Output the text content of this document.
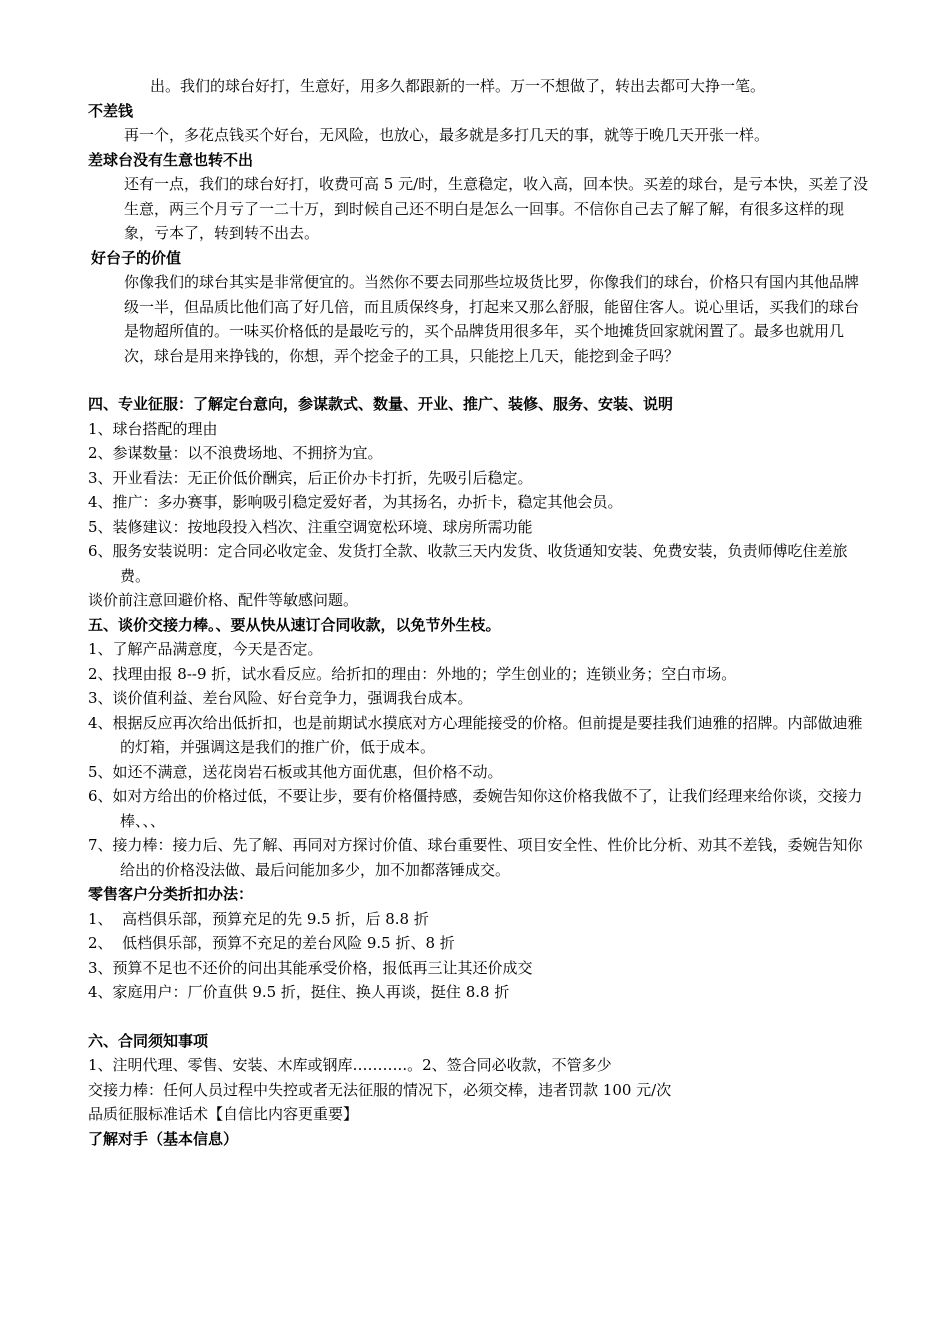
出。我们的球台好打，生意好，用多久都跟新的一样。万一不想做了，转出去都可大挣一笔。
不差钱
再一个，多花点钱买个好台，无风险，也放心，最多就是多打几天的事，就等于晚几天开张一样。
差球台没有生意也转不出
还有一点，我们的球台好打，收费可高 5 元/时，生意稳定，收入高，回本快。买差的球台，是亏本快，买差了没生意，两三个月亏了一二十万，到时候自己还不明白是怎么一回事。不信你自己去了解了解，有很多这样的现象，亏本了，转到转不出去。
好台子的价值
你像我们的球台其实是非常便宜的。当然你不要去同那些垃圾货比罗，你像我们的球台，价格只有国内其他品牌级一半，但品质比他们高了好几倍，而且质保终身，打起来又那么舒服，能留住客人。说心里话，买我们的球台是物超所值的。一味买价格低的是最吃亏的，买个品牌货用很多年，买个地摊货回家就闲置了。最多也就用几次，球台是用来挣钱的，你想，弄个挖金子的工具，只能挖上几天，能挖到金子吗？
四、专业征服：了解定台意向，参谋款式、数量、开业、推广、装修、服务、安装、说明
1、球台搭配的理由
2、参谋数量：以不浪费场地、不拥挤为宜。
3、开业看法：无正价低价酬宾，后正价办卡打折，先吸引后稳定。
4、推广：多办赛事，影响吸引稳定爱好者，为其扬名，办折卡，稳定其他会员。
5、装修建议：按地段投入档次、注重空调宽松环境、球房所需功能
6、服务安装说明：定合同必收定金、发货打全款、收款三天内发货、收货通知安装、免费安装，负责师傅吃住差旅费。
谈价前注意回避价格、配件等敏感问题。
五、谈价交接力棒。、要从快从速订合同收款，以免节外生枝。
1、了解产品满意度，今天是否定。
2、找理由报 8--9 折，试水看反应。给折扣的理由：外地的；学生创业的；连锁业务；空白市场。
3、谈价值利益、差台风险、好台竞争力，强调我台成本。
4、根据反应再次给出低折扣，也是前期试水摸底对方心理能接受的价格。但前提是要挂我们迪雅的招牌。内部做迪雅的灯箱，并强调这是我们的推广价，低于成本。
5、如还不满意，送花岗岩石板或其他方面优惠，但价格不动。
6、如对方给出的价格过低，不要让步，要有价格僵持感，委婉告知你这价格我做不了，让我们经理来给你谈，交接力棒、、、
7、接力棒：接力后、先了解、再同对方探讨价值、球台重要性、项目安全性、性价比分析、劝其不差钱，委婉告知你给出的价格没法做、最后问能加多少，加不加都落锤成交。
零售客户分类折扣办法：
1、  高档俱乐部，预算充足的先 9.5 折，后 8.8 折
2、  低档俱乐部，预算不充足的差台风险 9.5 折、8 折
3、预算不足也不还价的问出其能承受价格，报低再三让其还价成交
4、家庭用户：厂价直供 9.5 折，挺住、换人再谈，挺住 8.8 折
六、合同须知事项
1、注明代理、零售、安装、木库或钢库………..。2、签合同必收款，不管多少
交接力棒：任何人员过程中失控或者无法征服的情况下，必须交棒，违者罚款 100 元/次
品质征服标准话术【自信比内容更重要】
了解对手（基本信息）
